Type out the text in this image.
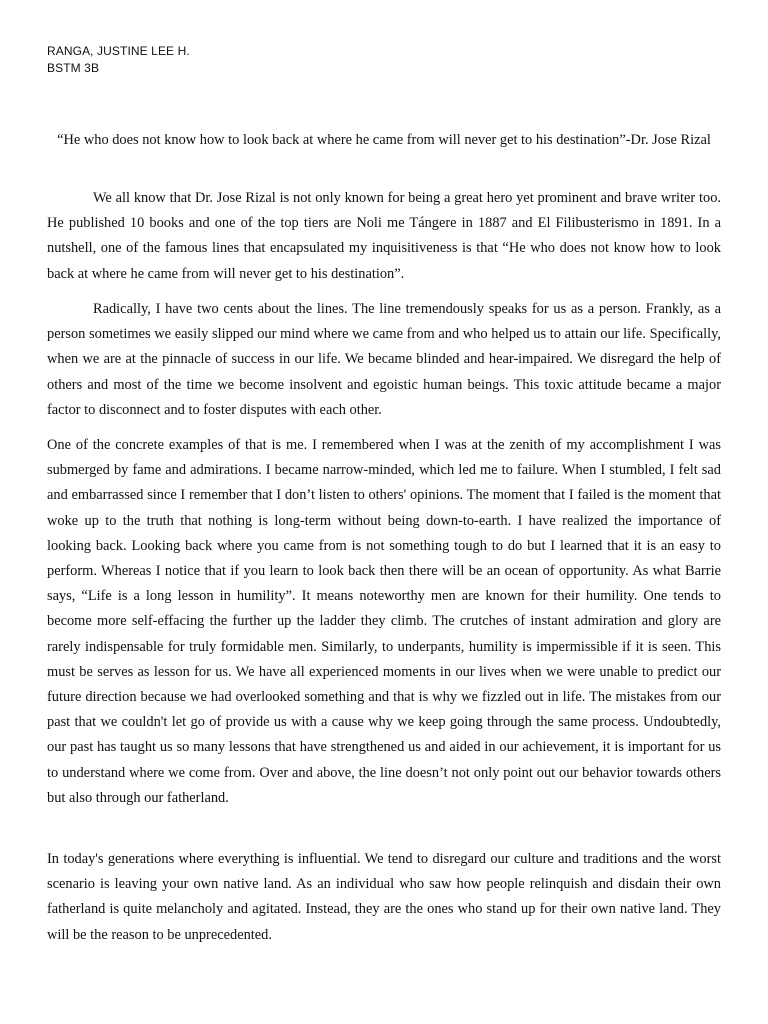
RANGA, JUSTINE LEE H.
BSTM 3B
“He who does not know how to look back at where he came from will never get to his destination”-Dr. Jose Rizal
We all know that Dr. Jose Rizal is not only known for being a great hero yet prominent and brave writer too. He published 10 books and one of the top tiers are Noli me Tángere in 1887 and El Filibusterismo in 1891. In a nutshell, one of the famous lines that encapsulated my inquisitiveness is that “He who does not know how to look back at where he came from will never get to his destination”.
Radically, I have two cents about the lines. The line tremendously speaks for us as a person. Frankly, as a person sometimes we easily slipped our mind where we came from and who helped us to attain our life. Specifically, when we are at the pinnacle of success in our life. We became blinded and hear-impaired. We disregard the help of others and most of the time we become insolvent and egoistic human beings. This toxic attitude became a major factor to disconnect and to foster disputes with each other.
One of the concrete examples of that is me. I remembered when I was at the zenith of my accomplishment I was submerged by fame and admirations. I became narrow-minded, which led me to failure. When I stumbled, I felt sad and embarrassed since I remember that I don’t listen to others' opinions. The moment that I failed is the moment that woke up to the truth that nothing is long-term without being down-to-earth. I have realized the importance of looking back. Looking back where you came from is not something tough to do but I learned that it is an easy to perform. Whereas I notice that if you learn to look back then there will be an ocean of opportunity. As what Barrie says, “Life is a long lesson in humility”. It means noteworthy men are known for their humility. One tends to become more self-effacing the further up the ladder they climb. The crutches of instant admiration and glory are rarely indispensable for truly formidable men. Similarly, to underpants, humility is impermissible if it is seen. This must be serves as lesson for us. We have all experienced moments in our lives when we were unable to predict our future direction because we had overlooked something and that is why we fizzled out in life. The mistakes from our past that we couldn't let go of provide us with a cause why we keep going through the same process. Undoubtedly, our past has taught us so many lessons that have strengthened us and aided in our achievement, it is important for us to understand where we come from. Over and above, the line doesn’t not only point out our behavior towards others but also through our fatherland.
In today's generations where everything is influential. We tend to disregard our culture and traditions and the worst scenario is leaving your own native land. As an individual who saw how people relinquish and disdain their own fatherland is quite melancholy and agitated. Instead, they are the ones who stand up for their own native land. They will be the reason to be unprecedented.
